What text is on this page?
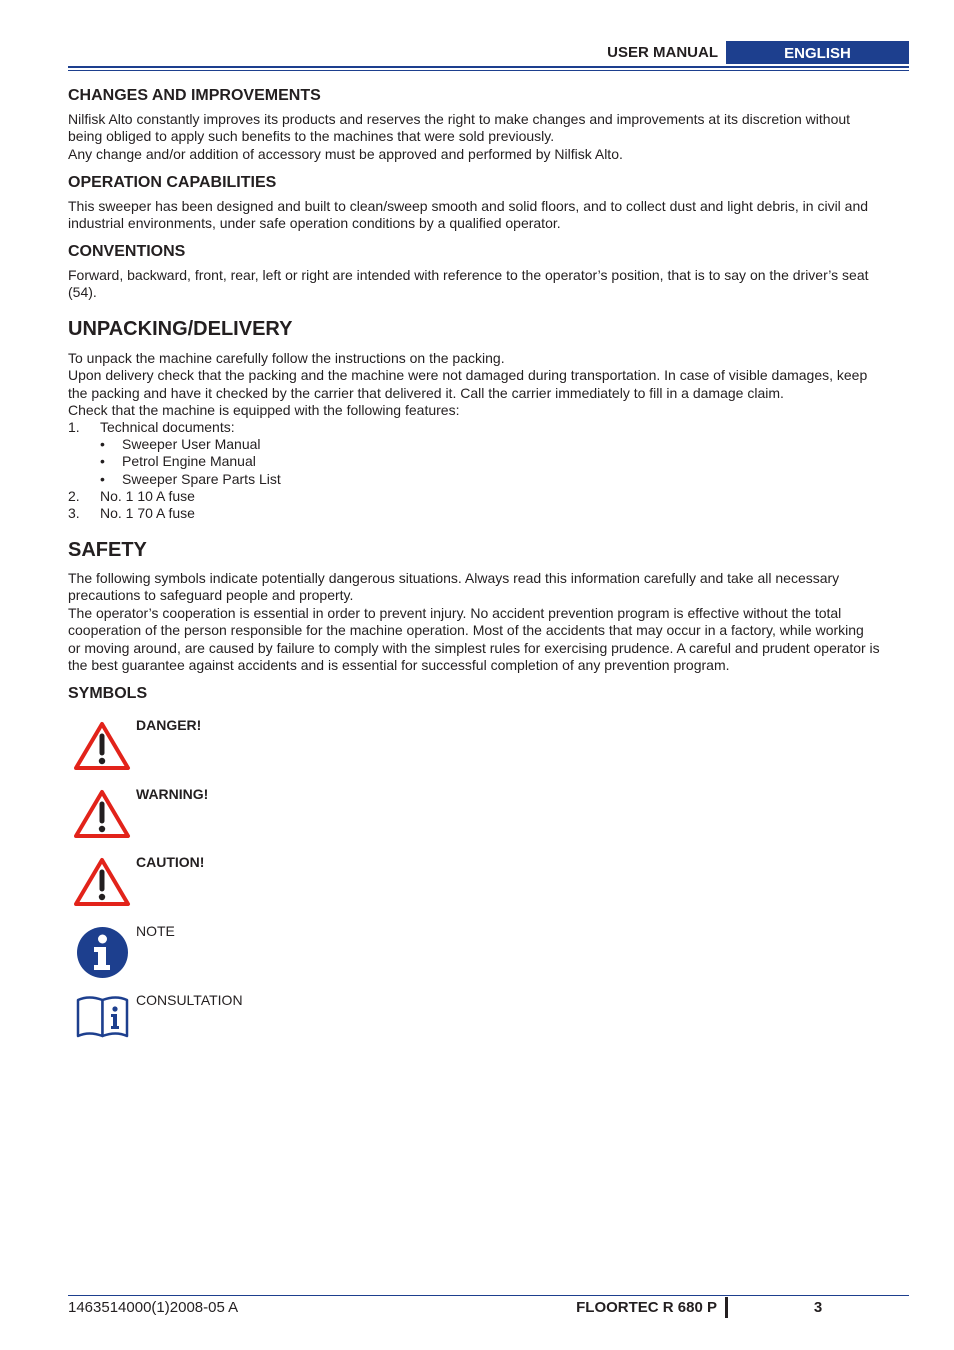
USER MANUAL	ENGLISH
CHANGES AND IMPROVEMENTS

Nilfisk Alto constantly improves its products and reserves the right to make changes and improvements at its discretion without

being obliged to apply such benefits to the machines that were sold previously.

Any change and/or addition of accessory must be approved and performed by Nilfisk Alto.

OPERATION CAPABILITIES

This sweeper has been designed and built to clean/sweep smooth and solid floors, and to collect dust and light debris, in civil and

industrial environments, under safe operation conditions by a qualified operator.

CONVENTIONS

Forward, backward, front, rear, left or right are intended with reference to the operator’s position, that is to say on the driver’s seat

(54).

UNPACKING/DELIVERY

To unpack the machine carefully follow the instructions on the packing.

Upon delivery check that the packing and the machine were not damaged during transportation. In case of visible damages, keep

the packing and have it checked by the carrier that delivered it. Call the carrier immediately to fill in a damage claim.

Check that the machine is equipped with the following features:

1. Technical documents:
• Sweeper User Manual
• Petrol Engine Manual
• Sweeper Spare Parts List
2. No. 1 10 A fuse
3. No. 1 70 A fuse
SAFETY

The following symbols indicate potentially dangerous situations. Always read this information carefully and take all necessary

precautions to safeguard people and property.

The operator’s cooperation is essential in order to prevent injury. No accident prevention program is effective without the total

cooperation of the person responsible for the machine operation. Most of the accidents that may occur in a factory, while working

or moving around, are caused by failure to comply with the simplest rules for exercising prudence. A careful and prudent operator is

the best guarantee against accidents and is essential for successful completion of any prevention program.

SYMBOLS
DANGER!
WARNING!
CAUTION!
NOTE
CONSULTATION
1463514000(1)2008-05 A	FLOORTEC R 680 P	3
